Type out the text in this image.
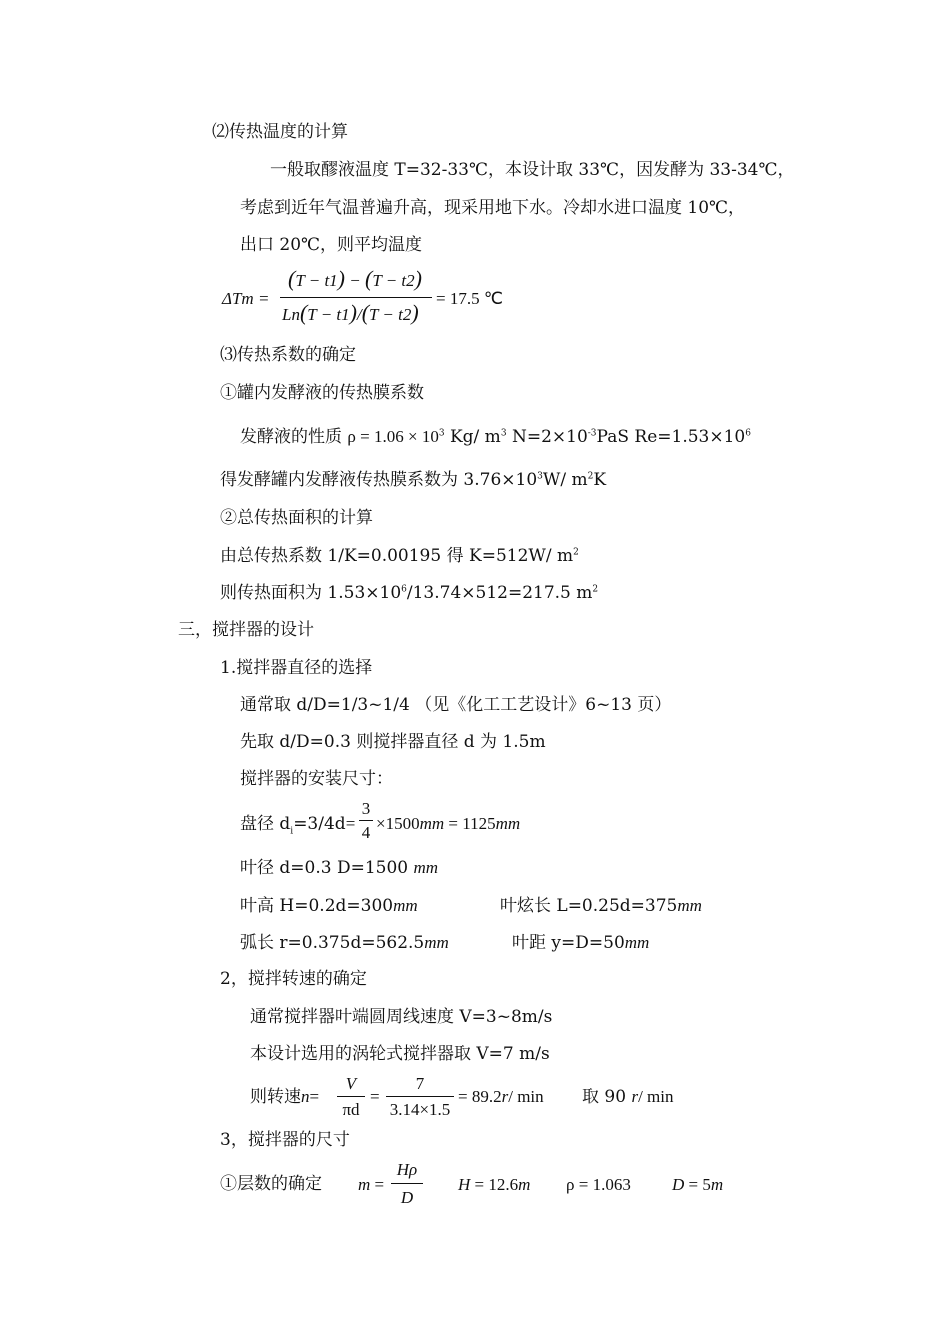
⑵传热温度的计算
一般取醪液温度 T=32-33℃，本设计取 33℃，因发酵为 33-34℃，
考虑到近年气温普遍升高，现采用地下水。冷却水进口温度 10℃，
出口 20℃，则平均温度
ΔTm =
(T − t1) − (T − t2)
Ln(T − t1)/(T − t2)
= 17.5 ℃
⑶传热系数的确定
①罐内发酵液的传热膜系数
发酵液的性质 $\rho = 1.06 \times 10^3$ Kg/ $m^3$ $N=2\times 10^{-3}PaS$ $Re=1.53\times 10^6$
得发酵罐内发酵液传热膜系数为 $3.76\times 10^3W/$ $m^2K$
②总传热面积的计算
由总传热系数 1/K=0.00195 得 K=512W/ $m^2$
则传热面积为 $1.53\times 10^6/13.74\times 512=217.5$ $m^2$
三，搅拌器的设计
1.搅拌器直径的选择
通常取 d/D=1/3~1/4 （见《化工工艺设计》6~13 页）
先取 d/D=0.3 则搅拌器直径 d 为 1.5m
搅拌器的安装尺寸：
盘径 $d_i=3/4d=$
3
4 ×1500mm = 1125mm
叶径 d=0.3 D=1500 mm
叶高 H=0.2d=300mm	叶炫长 L=0.25d=375mm
弧长 r=0.375d=562.5mm	叶距 y=D=50mm
2，搅拌转速的确定
通常搅拌器叶端圆周线速度 V=3~8m/s
本设计选用的涡轮式搅拌器取 V=7 m/s
则转速n=
V
πd
=
7
3.14×1.5
= 89.2r/ min 取 90 r/ min
3，搅拌器的尺寸
①层数的确定 m =
Hρ
D
H = 12.6m ρ = 1.063 D = 5m
